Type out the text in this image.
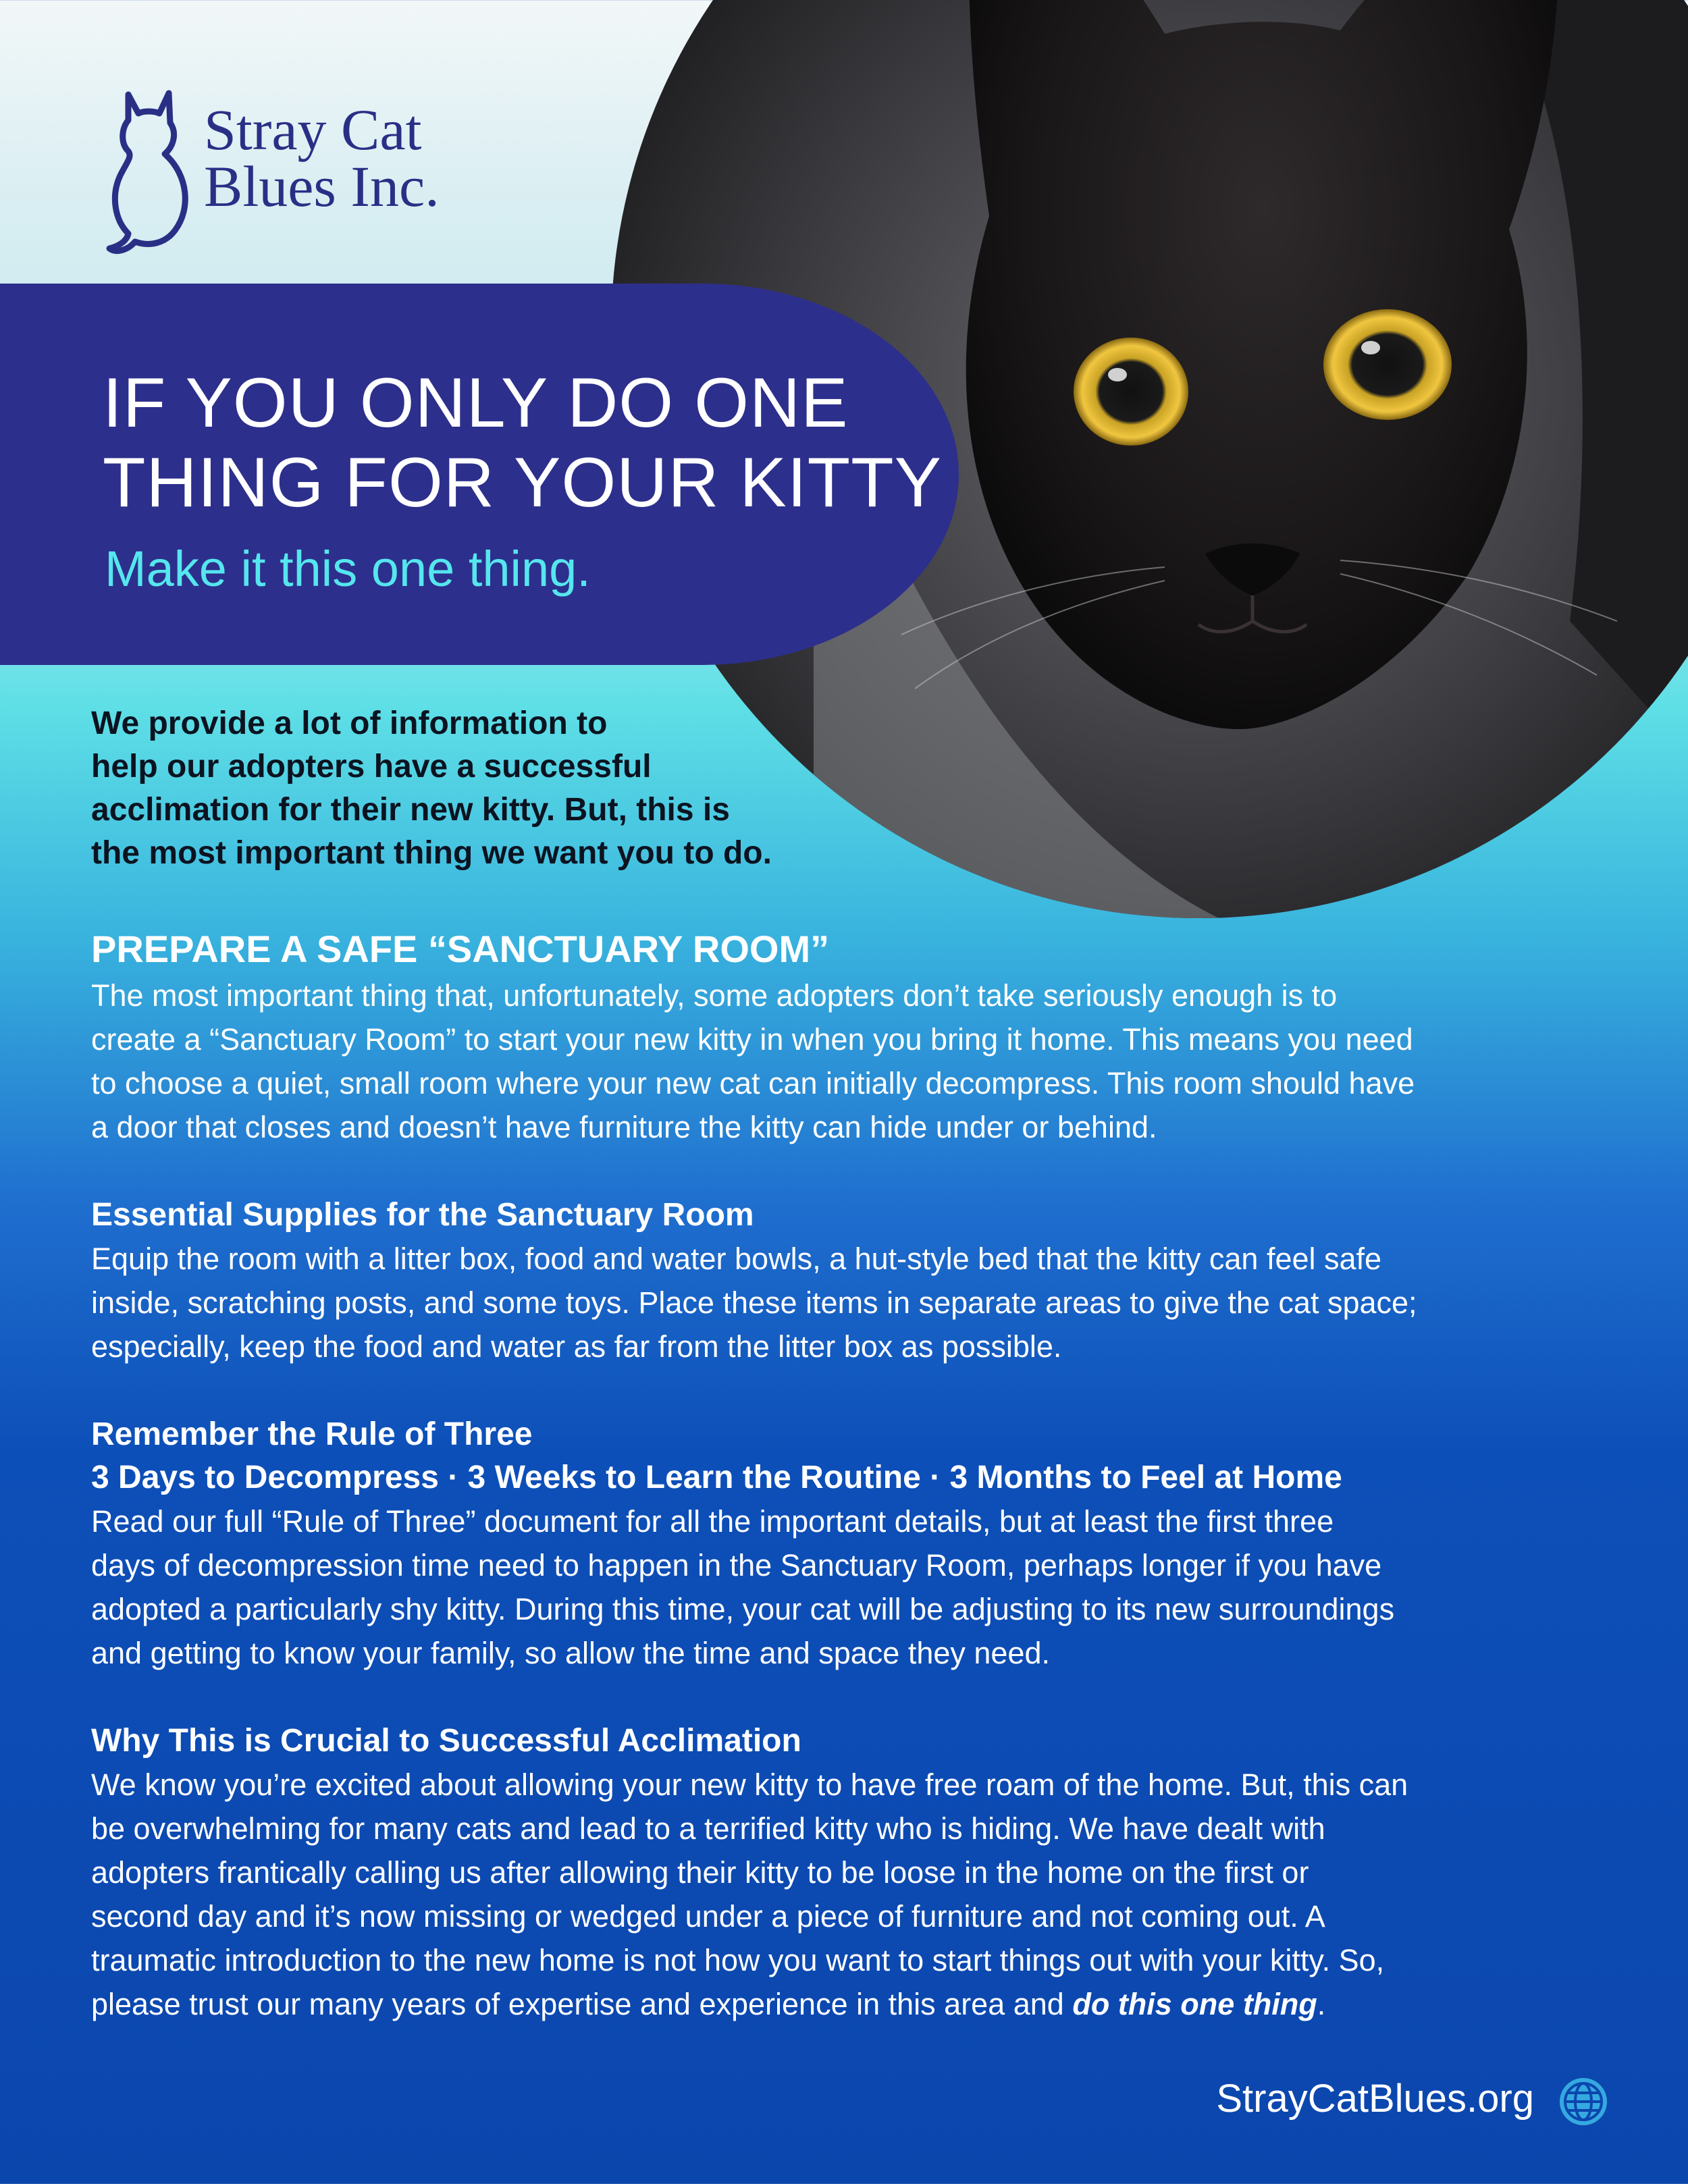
Stray Cat
Blues Inc.
IF YOU ONLY DO ONE
THING FOR YOUR KITTY
Make it this one thing.
We provide a lot of information to
help our adopters have a successful
acclimation for their new kitty. But, this is
the most important thing we want you to do.
PREPARE A SAFE “SANCTUARY ROOM”
The most important thing that, unfortunately, some adopters don’t take seriously enough is to
create a “Sanctuary Room” to start your new kitty in when you bring it home. This means you need
to choose a quiet, small room where your new cat can initially decompress. This room should have
a door that closes and doesn’t have furniture the kitty can hide under or behind.
Essential Supplies for the Sanctuary Room
Equip the room with a litter box, food and water bowls, a hut-style bed that the kitty can feel safe
inside, scratching posts, and some toys. Place these items in separate areas to give the cat space;
especially, keep the food and water as far from the litter box as possible.
Remember the Rule of Three
3 Days to Decompress · 3 Weeks to Learn the Routine · 3 Months to Feel at Home
Read our full “Rule of Three” document for all the important details, but at least the first three
days of decompression time need to happen in the Sanctuary Room, perhaps longer if you have
adopted a particularly shy kitty. During this time, your cat will be adjusting to its new surroundings
and getting to know your family, so allow the time and space they need.
Why This is Crucial to Successful Acclimation
We know you’re excited about allowing your new kitty to have free roam of the home. But, this can
be overwhelming for many cats and lead to a terrified kitty who is hiding. We have dealt with
adopters frantically calling us after allowing their kitty to be loose in the home on the first or
second day and it’s now missing or wedged under a piece of furniture and not coming out. A
traumatic introduction to the new home is not how you want to start things out with your kitty. So,
please trust our many years of expertise and experience in this area and do this one thing.
StrayCatBlues.org
